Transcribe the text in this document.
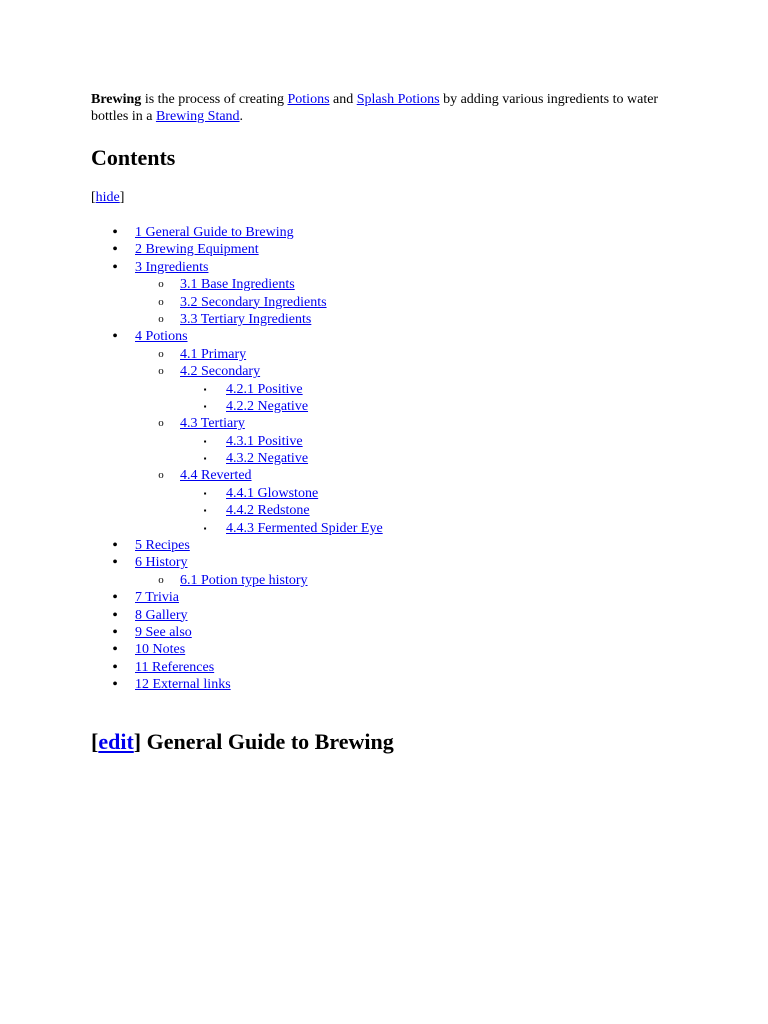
Brewing is the process of creating Potions and Splash Potions by adding various ingredients to water bottles in a Brewing Stand.

Contents

[hide]

• 1 General Guide to Brewing
• 2 Brewing Equipment
• 3 Ingredients
o 3.1 Base Ingredients
o 3.2 Secondary Ingredients
o 3.3 Tertiary Ingredients
• 4 Potions
o 4.1 Primary
o 4.2 Secondary
▪	4.2.1 Positive
▪	4.2.2 Negative
o 4.3 Tertiary
▪	4.3.1 Positive
▪	4.3.2 Negative
o 4.4 Reverted
▪	4.4.1 Glowstone
▪	4.4.2 Redstone
▪	4.4.3 Fermented Spider Eye
• 5 Recipes
• 6 History
o 6.1 Potion type history
• 7 Trivia
• 8 Gallery
• 9 See also
• 10 Notes
• 11 References
• 12 External links
[edit] General Guide to Brewing
